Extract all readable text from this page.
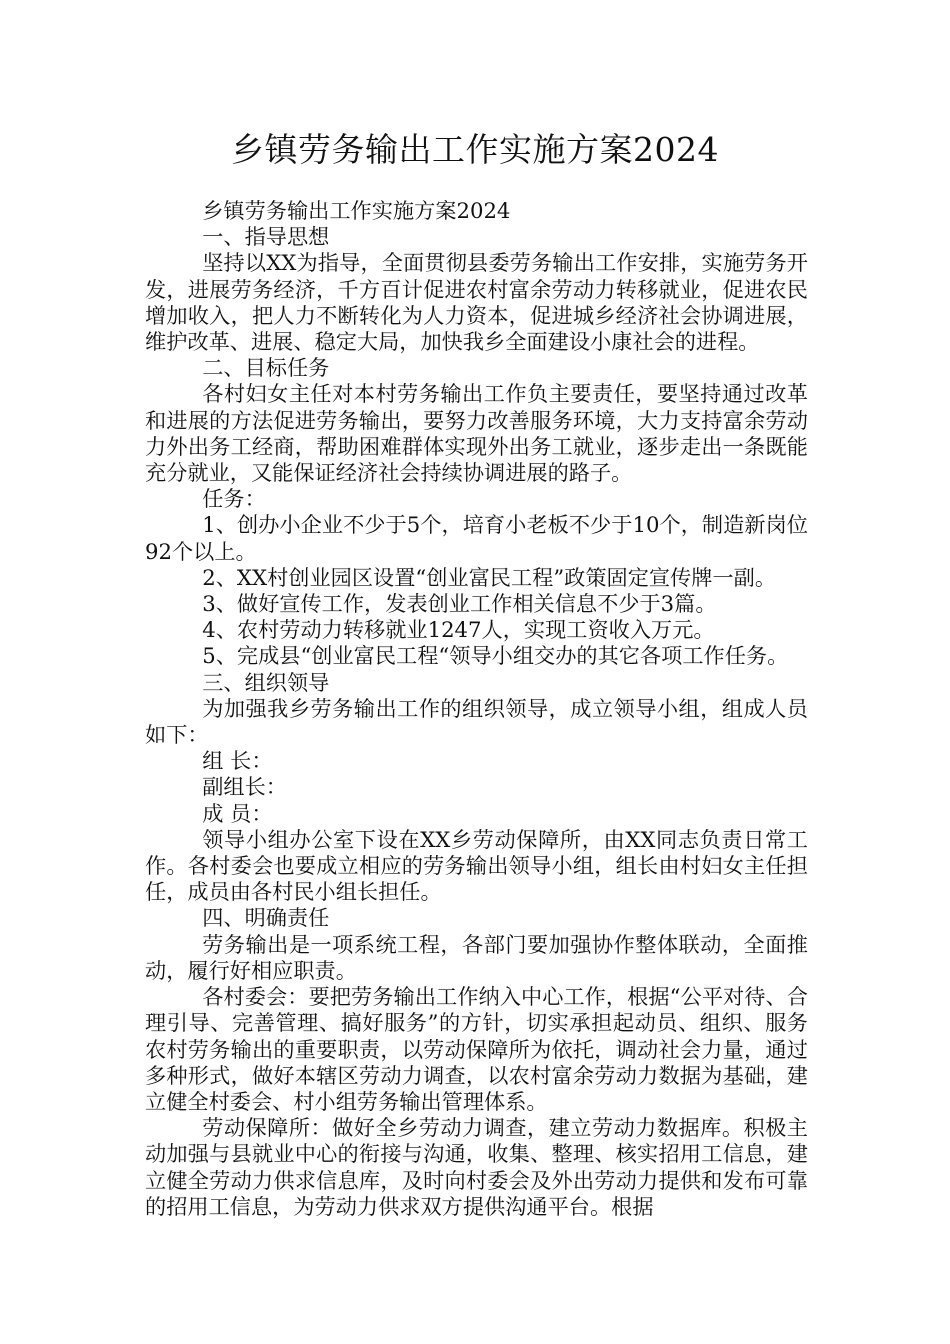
乡镇劳务输出工作实施方案2024

乡镇劳务输出工作实施方案2024

一、指导思想

坚持以XX为指导，全面贯彻县委劳务输出工作安排，实施劳务开发，进展劳务经济，千方百计促进农村富余劳动力转移就业，促进农民增加收入，把人力不断转化为人力资本，促进城乡经济社会协调进展，维护改革、进展、稳定大局，加快我乡全面建设小康社会的进程。

二、目标任务

各村妇女主任对本村劳务输出工作负主要责任，要坚持通过改革和进展的方法促进劳务输出，要努力改善服务环境，大力支持富余劳动力外出务工经商，帮助困难群体实现外出务工就业，逐步走出一条既能充分就业，又能保证经济社会持续协调进展的路子。

任务：

1、创办小企业不少于5个，培育小老板不少于10个，制造新岗位92个以上。

2、XX村创业园区设置“创业富民工程”政策固定宣传牌一副。

3、做好宣传工作，发表创业工作相关信息不少于3篇。

4、农村劳动力转移就业1247人，实现工资收入万元。

5、完成县“创业富民工程“领导小组交办的其它各项工作任务。

三、组织领导

为加强我乡劳务输出工作的组织领导，成立领导小组，组成人员如下：

组 长：

副组长：

成 员：

领导小组办公室下设在XX乡劳动保障所，由XX同志负责日常工作。各村委会也要成立相应的劳务输出领导小组，组长由村妇女主任担任，成员由各村民小组长担任。

四、明确责任

劳务输出是一项系统工程，各部门要加强协作整体联动，全面推动，履行好相应职责。

各村委会：要把劳务输出工作纳入中心工作，根据“公平对待、合理引导、完善管理、搞好服务”的方针，切实承担起动员、组织、服务农村劳务输出的重要职责，以劳动保障所为依托，调动社会力量，通过多种形式，做好本辖区劳动力调查，以农村富余劳动力数据为基础，建立健全村委会、村小组劳务输出管理体系。

劳动保障所：做好全乡劳动力调查，建立劳动力数据库。积极主动加强与县就业中心的衔接与沟通，收集、整理、核实招用工信息，建立健全劳动力供求信息库，及时向村委会及外出劳动力提供和发布可靠的招用工信息，为劳动力供求双方提供沟通平台。根据
